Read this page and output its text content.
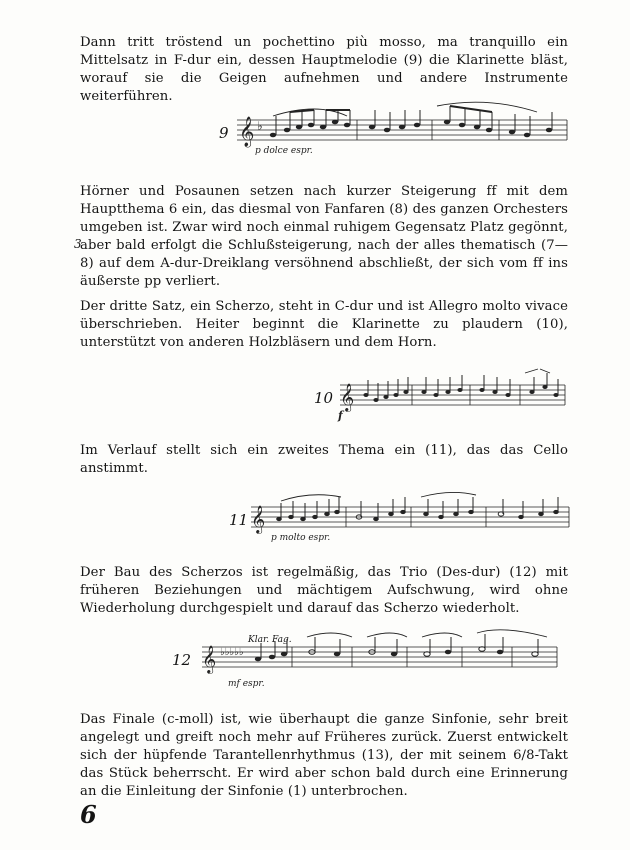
Dann tritt tröstend un pochettino più mosso, ma tranquillo ein Mittelsatz in F-dur ein, dessen Hauptmelodie (9) die Klarinette bläst, worauf sie die Geigen aufnehmen und andere Instrumente weiterführen.

9 𝄞 ♭
p dolce espr.

Hörner und Posaunen setzen nach kurzer Steigerung ff mit dem Hauptthema 6 ein, das diesmal von Fanfaren (8) des ganzen Orchesters umgeben ist. Zwar wird noch einmal ruhigem Gegensatz Platz gegönnt, aber bald erfolgt die Schlußsteigerung, nach der alles thematisch (7—8) auf dem A-dur-Dreiklang versöhnend abschließt, der sich vom ff ins äußerste pp verliert.

3

Der dritte Satz, ein Scherzo, steht in C-dur und ist Allegro molto vivace überschrieben. Heiter beginnt die Klarinette zu plaudern (10), unterstützt von anderen Holzbläsern und dem Horn.

10 𝄞
f

Im Verlauf stellt sich ein zweites Thema ein (11), das das Cello anstimmt.

11 𝄞
p molto espr.

Der Bau des Scherzos ist regelmäßig, das Trio (Des-dur) (12) mit früheren Beziehungen und mächtigem Aufschwung, wird ohne Wiederholung durchgespielt und darauf das Scherzo wiederholt.

12
Klar. Fag.
𝄞 ♭♭♭♭♭
mf espr.

Das Finale (c-moll) ist, wie überhaupt die ganze Sinfonie, sehr breit angelegt und greift noch mehr auf Früheres zurück. Zuerst entwickelt sich der hüpfende Tarantellenrhythmus (13), der mit seinem 6/8-Takt das Stück beherrscht. Er wird aber schon bald durch eine Erinnerung an die Einleitung der Sinfonie (1) unterbrochen.

6
